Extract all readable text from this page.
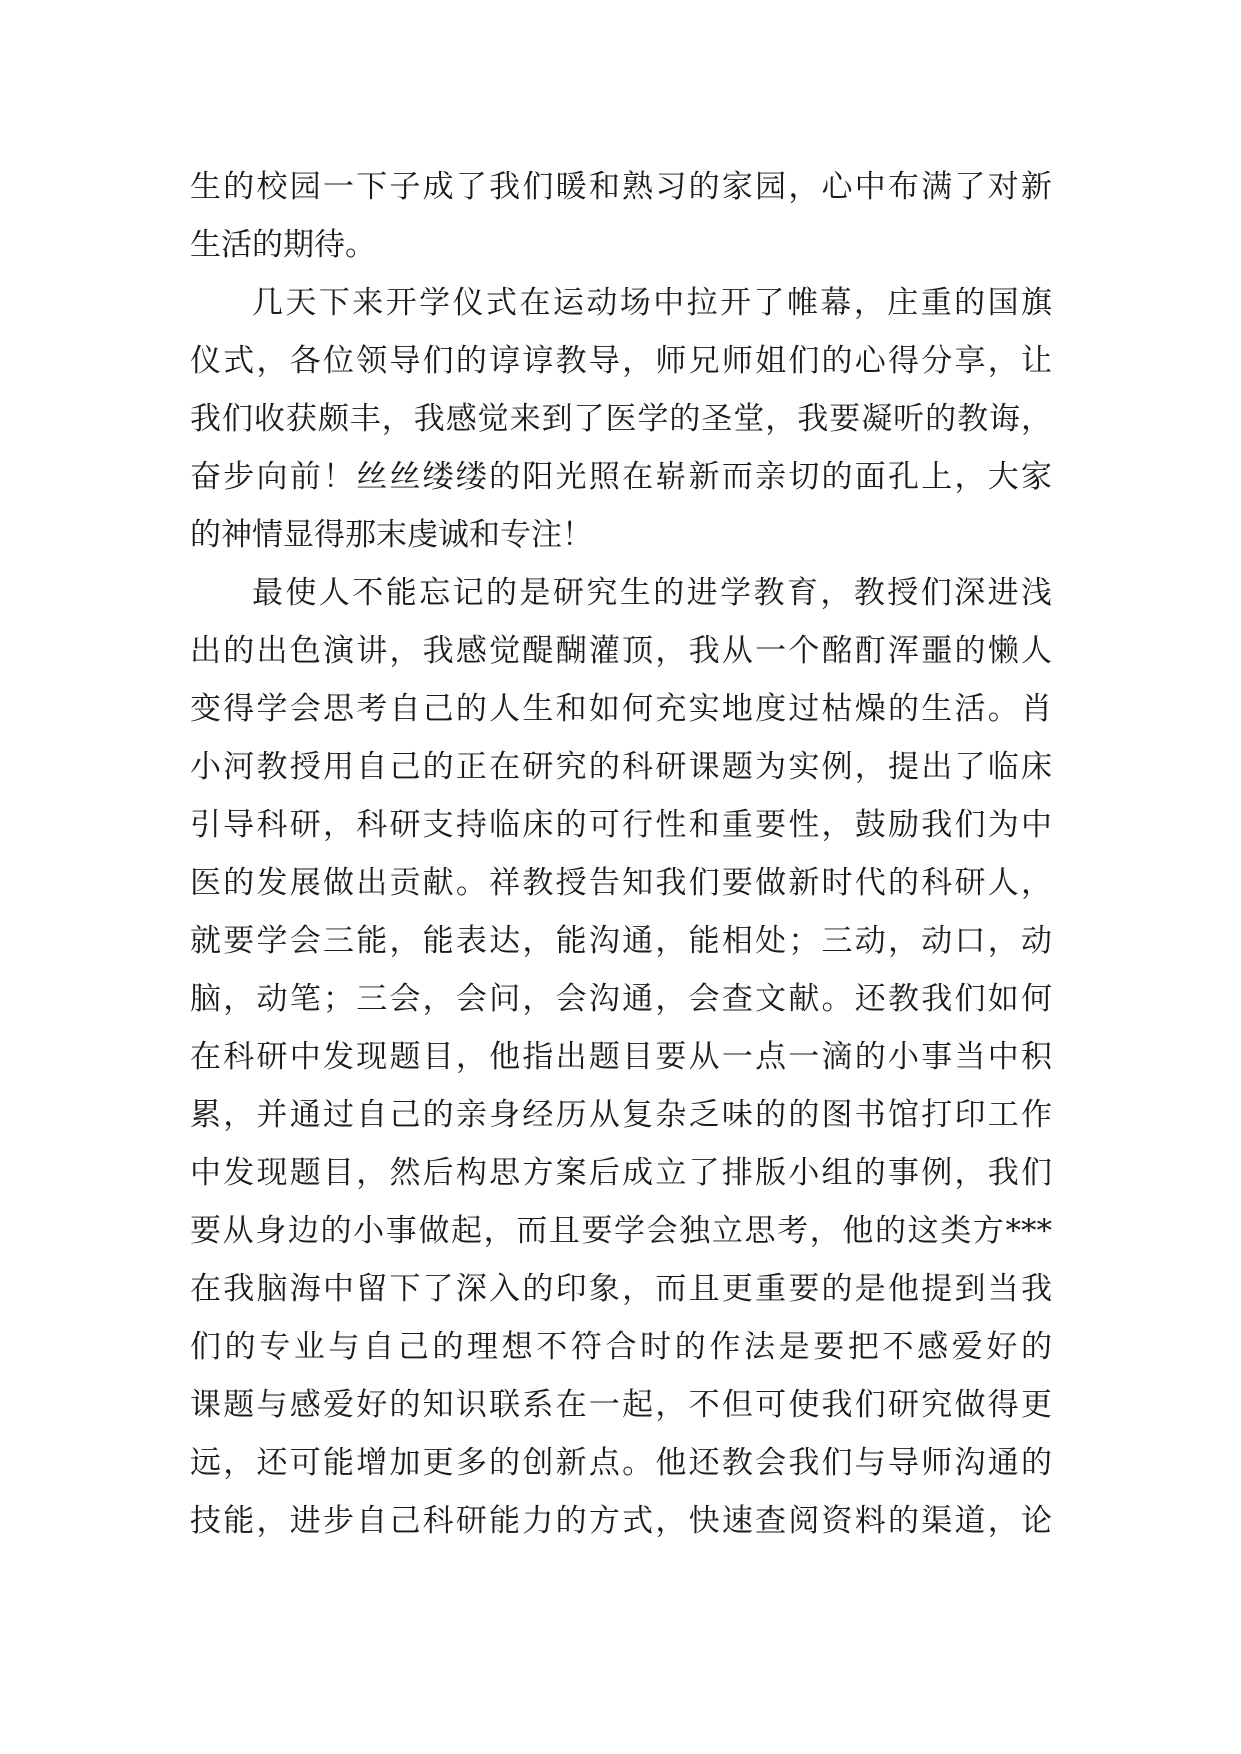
生的校园一下子成了我们暖和熟习的家园，心中布满了对新
生活的期待。
几天下来开学仪式在运动场中拉开了帷幕，庄重的国旗
仪式，各位领导们的谆谆教导，师兄师姐们的心得分享，让
我们收获颇丰，我感觉来到了医学的圣堂，我要凝听的教诲，
奋步向前！丝丝缕缕的阳光照在崭新而亲切的面孔上，大家
的神情显得那末虔诚和专注！
最使人不能忘记的是研究生的进学教育，教授们深进浅
出的出色演讲，我感觉醍醐灌顶，我从一个酩酊浑噩的懒人
变得学会思考自己的人生和如何充实地度过枯燥的生活。肖
小河教授用自己的正在研究的科研课题为实例，提出了临床
引导科研，科研支持临床的可行性和重要性，鼓励我们为中
医的发展做出贡献。祥教授告知我们要做新时代的科研人，
就要学会三能，能表达，能沟通，能相处；三动，动口，动
脑，动笔；三会，会问，会沟通，会查文献。还教我们如何
在科研中发现题目，他指出题目要从一点一滴的小事当中积
累，并通过自己的亲身经历从复杂乏味的的图书馆打印工作
中发现题目，然后构思方案后成立了排版小组的事例，我们
要从身边的小事做起，而且要学会独立思考，他的这类方***
在我脑海中留下了深入的印象，而且更重要的是他提到当我
们的专业与自己的理想不符合时的作法是要把不感爱好的
课题与感爱好的知识联系在一起，不但可使我们研究做得更
远，还可能增加更多的创新点。他还教会我们与导师沟通的
技能，进步自己科研能力的方式，快速查阅资料的渠道，论
